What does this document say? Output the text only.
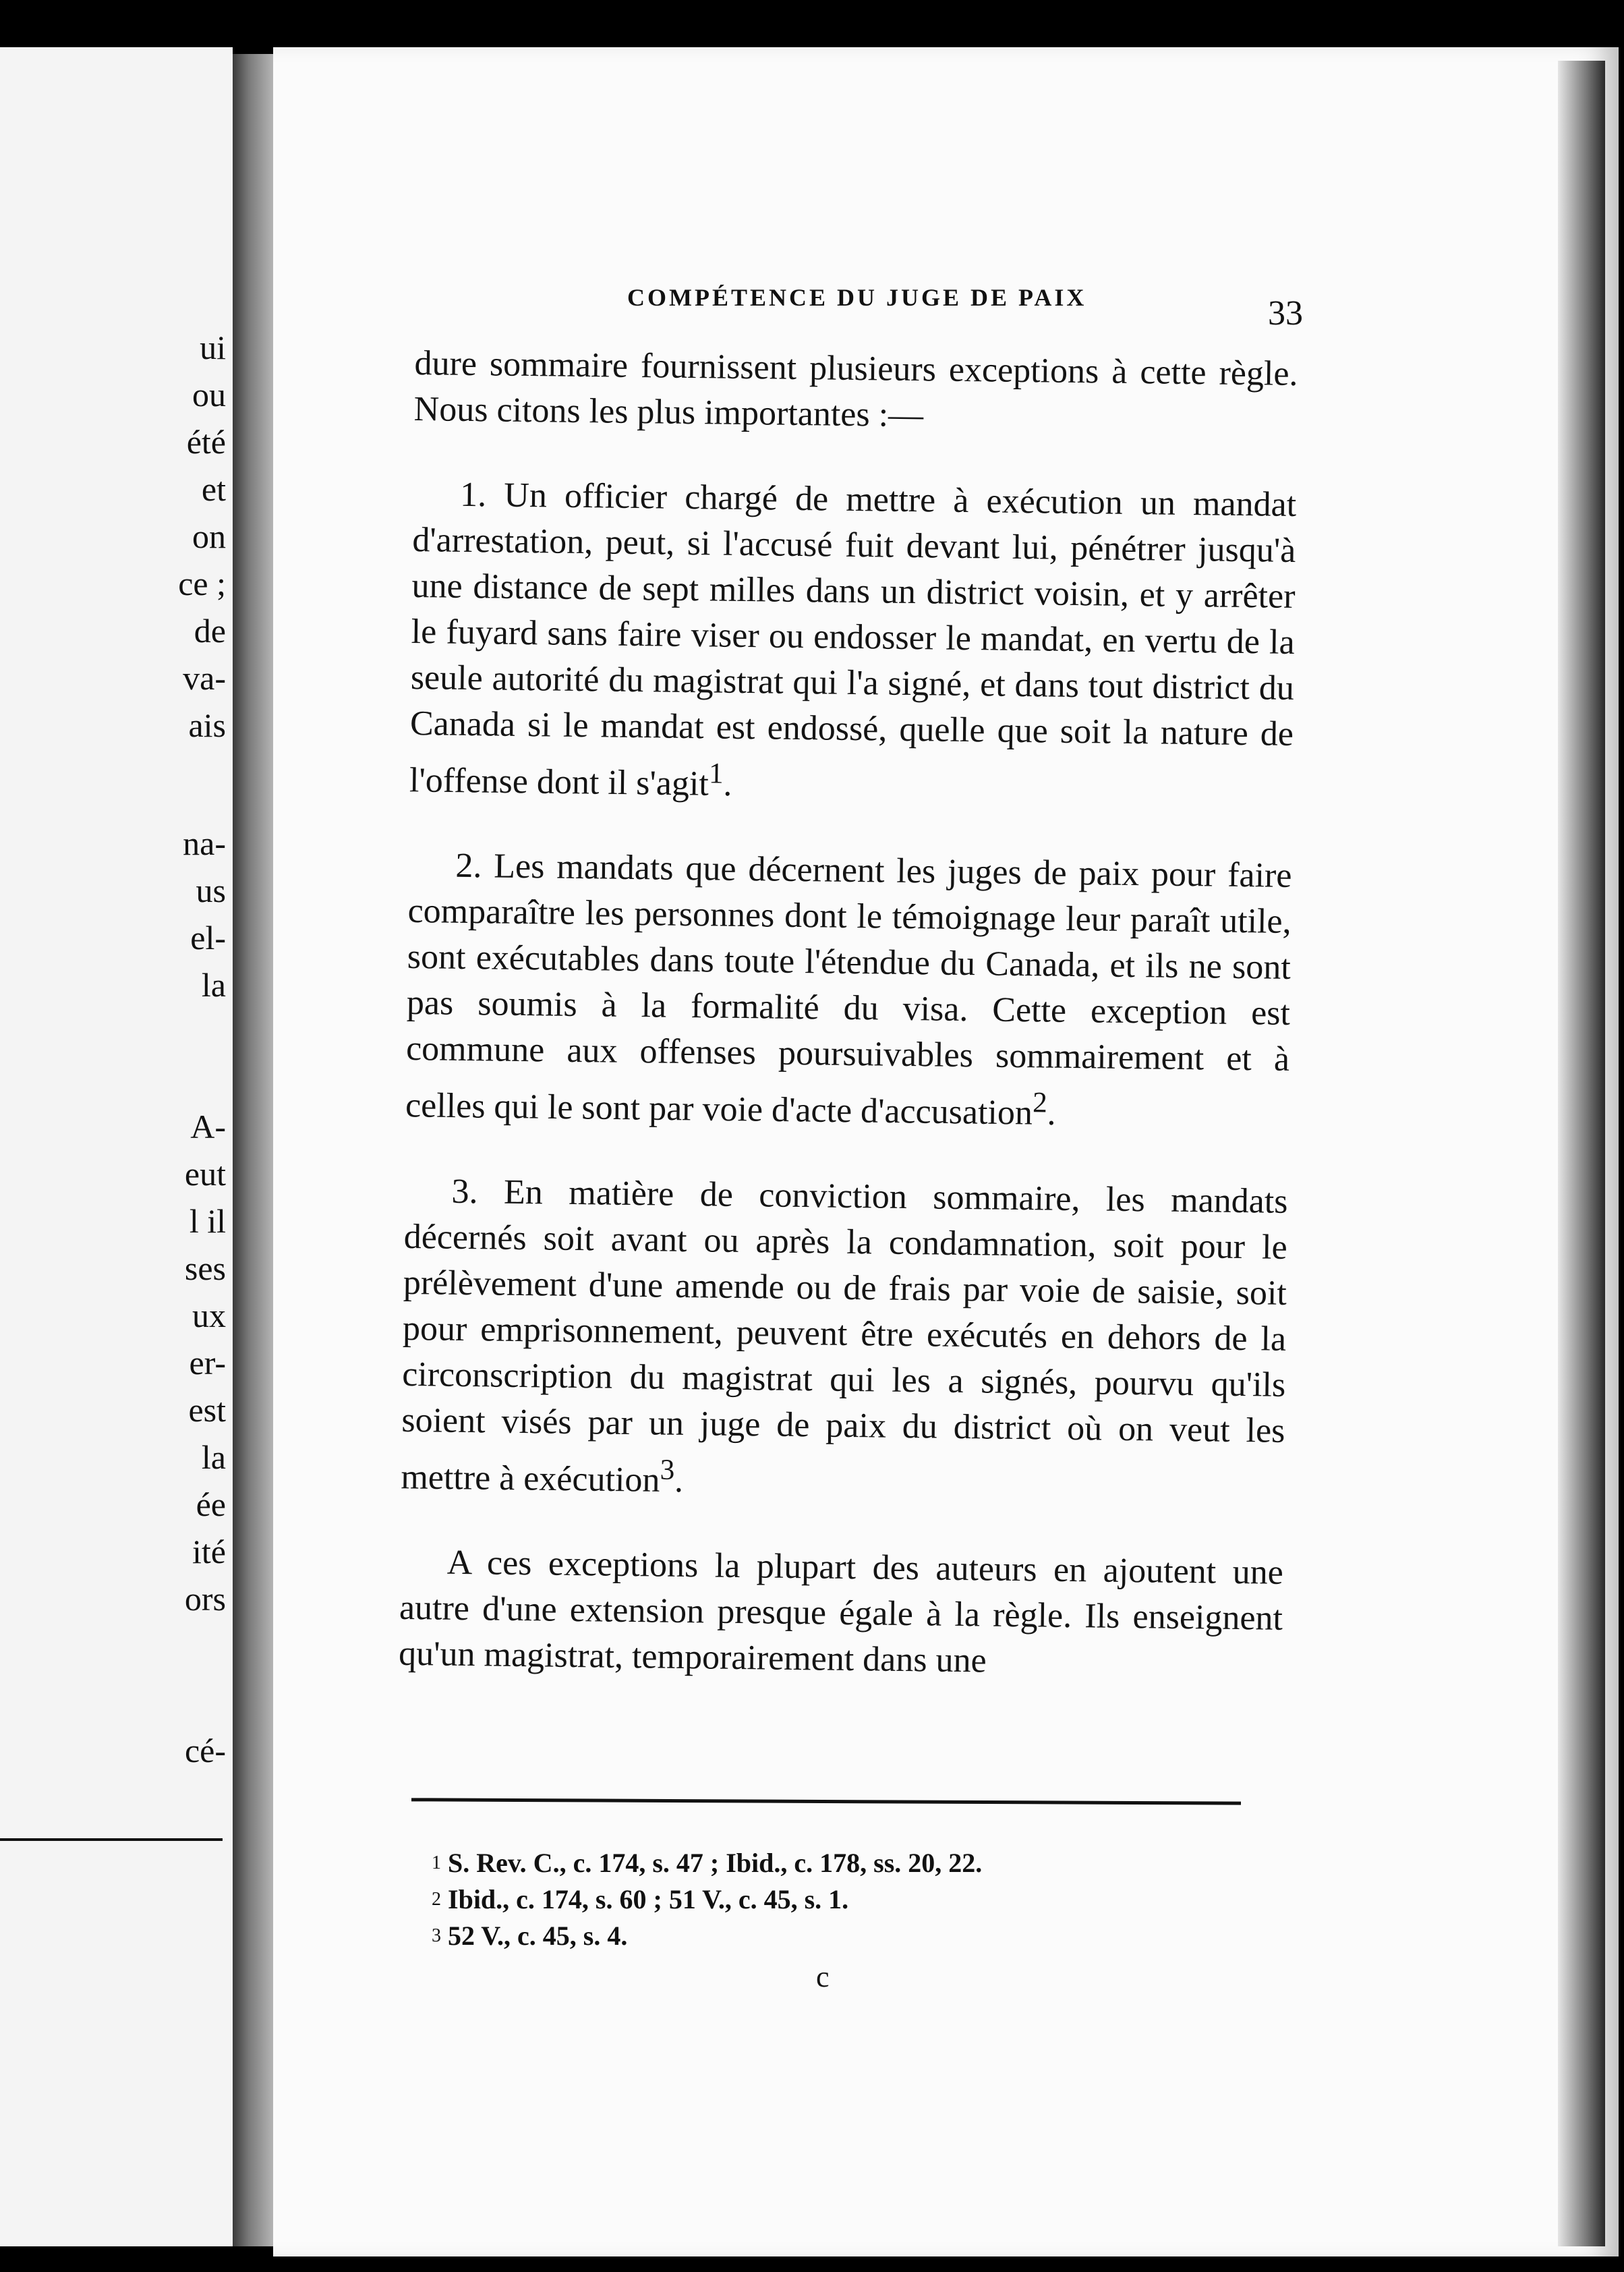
ui
ou
été
et
on
ce ;
de
va-
ais
na-
us
el-
la
A-
eut
l il
ses
ux
er-
est
la
ée
ité
ors
cé-
COMPÉTENCE DU JUGE DE PAIX	33

dure sommaire fournissent plusieurs exceptions à cette règle. Nous citons les plus importantes :—

1. Un officier chargé de mettre à exécution un mandat d'arrestation, peut, si l'accusé fuit devant lui, pénétrer jusqu'à une distance de sept milles dans un district voisin, et y arrêter le fuyard sans faire viser ou endosser le mandat, en vertu de la seule autorité du magistrat qui l'a signé, et dans tout district du Canada si le mandat est endossé, quelle que soit la nature de l'offense dont il s'agit$^1$.

2. Les mandats que décernent les juges de paix pour faire comparaître les personnes dont le témoignage leur paraît utile, sont exécutables dans toute l'étendue du Canada, et ils ne sont pas soumis à la formalité du visa. Cette exception est commune aux offenses poursuivables sommairement et à celles qui le sont par voie d'acte d'accusation$^2$.

3. En matière de conviction sommaire, les mandats décernés soit avant ou après la condamnation, soit pour le prélèvement d'une amende ou de frais par voie de saisie, soit pour emprisonnement, peuvent être exécutés en dehors de la circonscription du magistrat qui les a signés, pourvu qu'ils soient visés par un juge de paix du district où on veut les mettre à exécution$^3$.

A ces exceptions la plupart des auteurs en ajoutent une autre d'une extension presque égale à la règle. Ils enseignent qu'un magistrat, temporairement dans une

$^1$ S. Rev. C., c. 174, s. 47 ; Ibid., c. 178, ss. 20, 22.
$^2$ Ibid., c. 174, s. 60 ; 51 V., c. 45, s. 1.
$^3$ 52 V., c. 45, s. 4.
c
